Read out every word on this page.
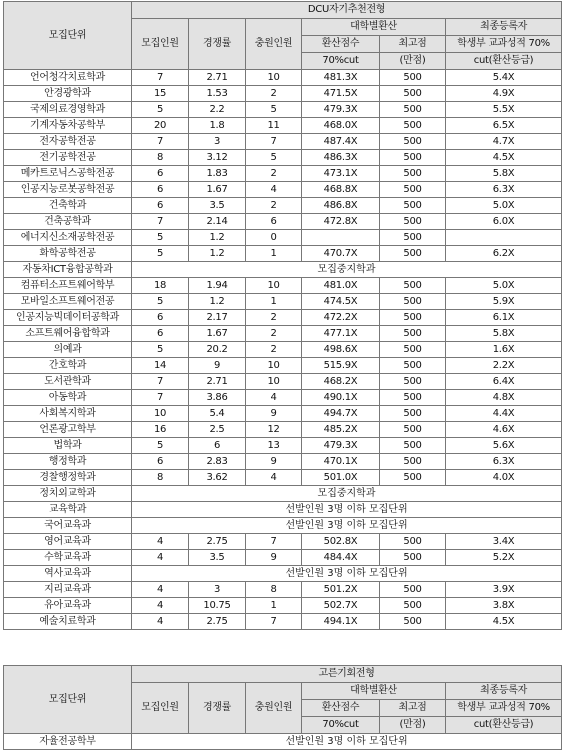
모집단위	DCU자기추천전형					
	모집인원	경쟁률	충원인원	대학별환산		최종등록자
				환산점수	최고점	학생부 교과성적 70%
				70%cut	(만점)	cut(환산등급)
언어청각치료학과	7	2.71	10	481.3X	500	5.4X
안경광학과	15	1.53	2	471.5X	500	4.9X
국제의료경영학과	5	2.2	5	479.3X	500	5.5X
기계자동차공학부	20	1.8	11	468.0X	500	6.5X
전자공학전공	7	3	7	487.4X	500	4.7X
전기공학전공	8	3.12	5	486.3X	500	4.5X
메카트로닉스공학전공	6	1.83	2	473.1X	500	5.8X
인공지능로봇공학전공	6	1.67	4	468.8X	500	6.3X
건축학과	6	3.5	2	486.8X	500	5.0X
건축공학과	7	2.14	6	472.8X	500	6.0X
에너지신소재공학전공	5	1.2	0		500	
화학공학전공	5	1.2	1	470.7X	500	6.2X
자동차ICT융합공학과	모집중지학과					
컴퓨터소프트웨어학부	18	1.94	10	481.0X	500	5.0X
모바일소프트웨어전공	5	1.2	1	474.5X	500	5.9X
인공지능빅데이터공학과	6	2.17	2	472.2X	500	6.1X
소프트웨어융합학과	6	1.67	2	477.1X	500	5.8X
의예과	5	20.2	2	498.6X	500	1.6X
간호학과	14	9	10	515.9X	500	2.2X
도서관학과	7	2.71	10	468.2X	500	6.4X
아동학과	7	3.86	4	490.1X	500	4.8X
사회복지학과	10	5.4	9	494.7X	500	4.4X
언론광고학부	16	2.5	12	485.2X	500	4.6X
법학과	5	6	13	479.3X	500	5.6X
행정학과	6	2.83	9	470.1X	500	6.3X
경찰행정학과	8	3.62	4	501.0X	500	4.0X
정치외교학과	모집중지학과					
교육학과	선발인원 3명 이하 모집단위					
국어교육과	선발인원 3명 이하 모집단위					
영어교육과	4	2.75	7	502.8X	500	3.4X
수학교육과	4	3.5	9	484.4X	500	5.2X
역사교육과	선발인원 3명 이하 모집단위					
지리교육과	4	3	8	501.2X	500	3.9X
유아교육과	4	10.75	1	502.7X	500	3.8X
예술치료학과	4	2.75	7	494.1X	500	4.5X
모집단위	고른기회전형					
	모집인원	경쟁률	충원인원	대학별환산		최종등록자
				환산점수	최고점	학생부 교과성적 70%
				70%cut	(만점)	cut(환산등급)
자율전공학부	선발인원 3명 이하 모집단위					
